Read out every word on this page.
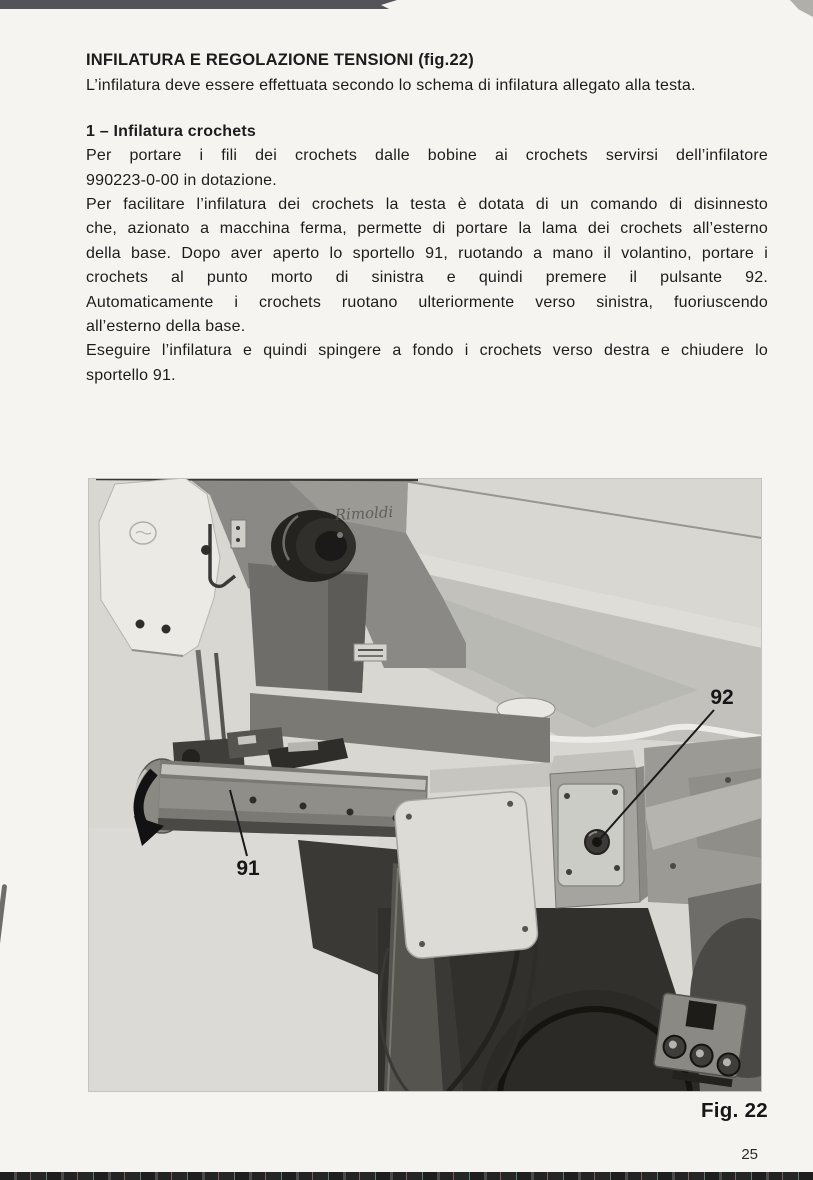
INFILATURA E REGOLAZIONE TENSIONI (fig.22)

L’infilatura deve essere effettuata secondo lo schema di infilatura allegato alla testa.

1 – Infilatura crochets
Per portare i fili dei crochets dalle bobine ai crochets servirsi dell’infilatore
990223-0-00 in dotazione.
Per facilitare l’infilatura dei crochets la testa è dotata di un comando di disinnesto
che, azionato a macchina ferma, permette di portare la lama dei crochets all’esterno
della base. Dopo aver aperto lo sportello 91, ruotando a mano il volantino, portare i
crochets al punto morto di sinistra e quindi premere il pulsante 92.
Automaticamente i crochets ruotano ulteriormente verso sinistra, fuoriuscendo
all’esterno della base.
Eseguire l’infilatura e quindi spingere a fondo i crochets verso destra e chiudere lo
sportello 91.
Rimoldi
91
92
Fig. 22
25
